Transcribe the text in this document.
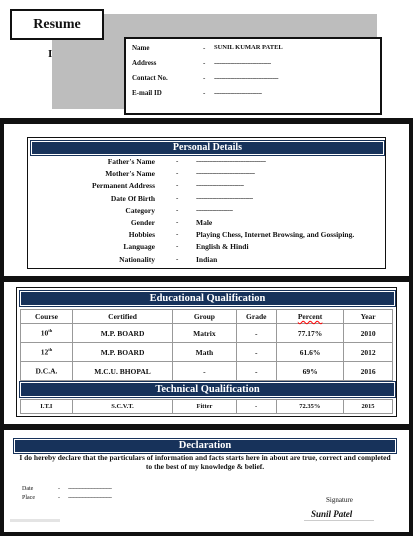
Resume
I	Name	- SUNIL KUMAR PATEL
Address	- -------------------------------
Contact No.	- -----------------------------------
E-mail ID	- --------------------------
Personal Details
Father's Name	-	--------------------------------------
Mother's Name	-	--------------------------------
Permanent Address	-	--------------------------
Date Of Birth	-	-------------------------------
Category	-	--------------------
Gender	- Male
Hobbies	- Playing Chess, Internet Browsing, and Gossiping.
Language	- English & Hindi
Nationality	- Indian
Educational Qualification
Course	Certified	Group	Grade	Percent	Year
10th	M.P. BOARD	Matrix	-	77.17%	2010
12th	M.P. BOARD	Math	-	61.6%	2012
D.C.A.	M.C.U. BHOPAL	-	-	69%	2016
Technical Qualification
I.T.I	S.C.V.T.	Fitter	-	72.35%	2015
Declaration
I do hereby declare that the particulars of information and facts starts here in about are true, correct and completed to the best of my knowledge & belief.
Date	- -----------------------------
Place	- -----------------------------	Signature
Sunil Patel
